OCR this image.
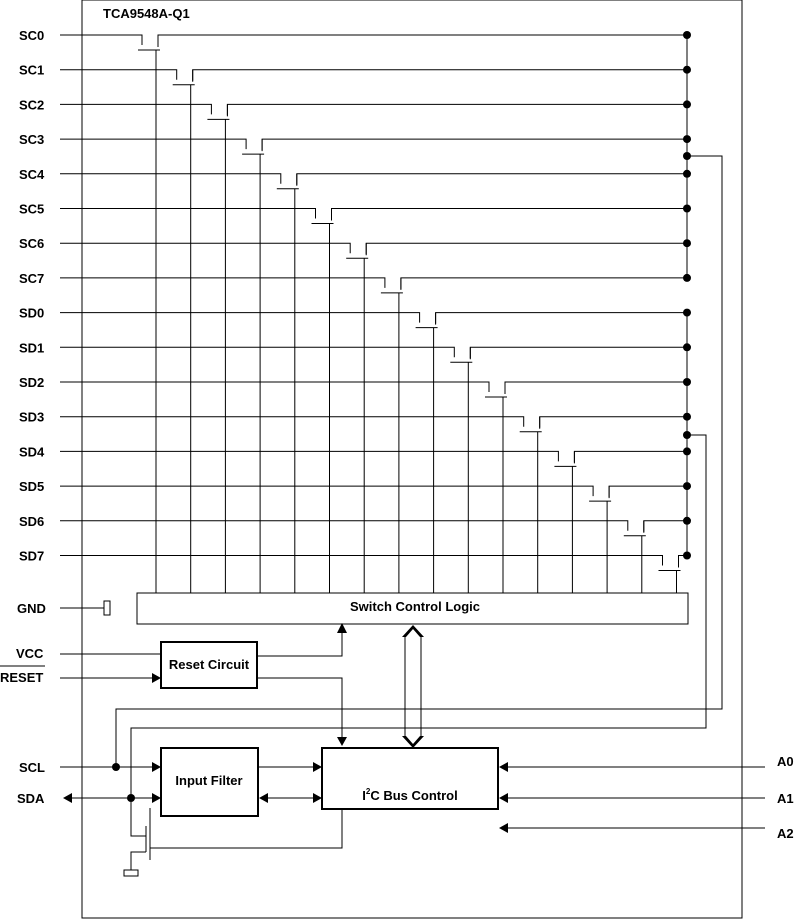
TCA9548A-Q1
SC0
SC1
SC2
SC3
SC4
SC5
SC6
SC7
SD0
SD1
SD2
SD3
SD4
SD5
SD6
SD7
GND	Switch Control Logic
VCC
Reset Circuit
RESET
SCL
SDA
Input Filter
$I^2C$ Bus Control
A0
A1
A2
